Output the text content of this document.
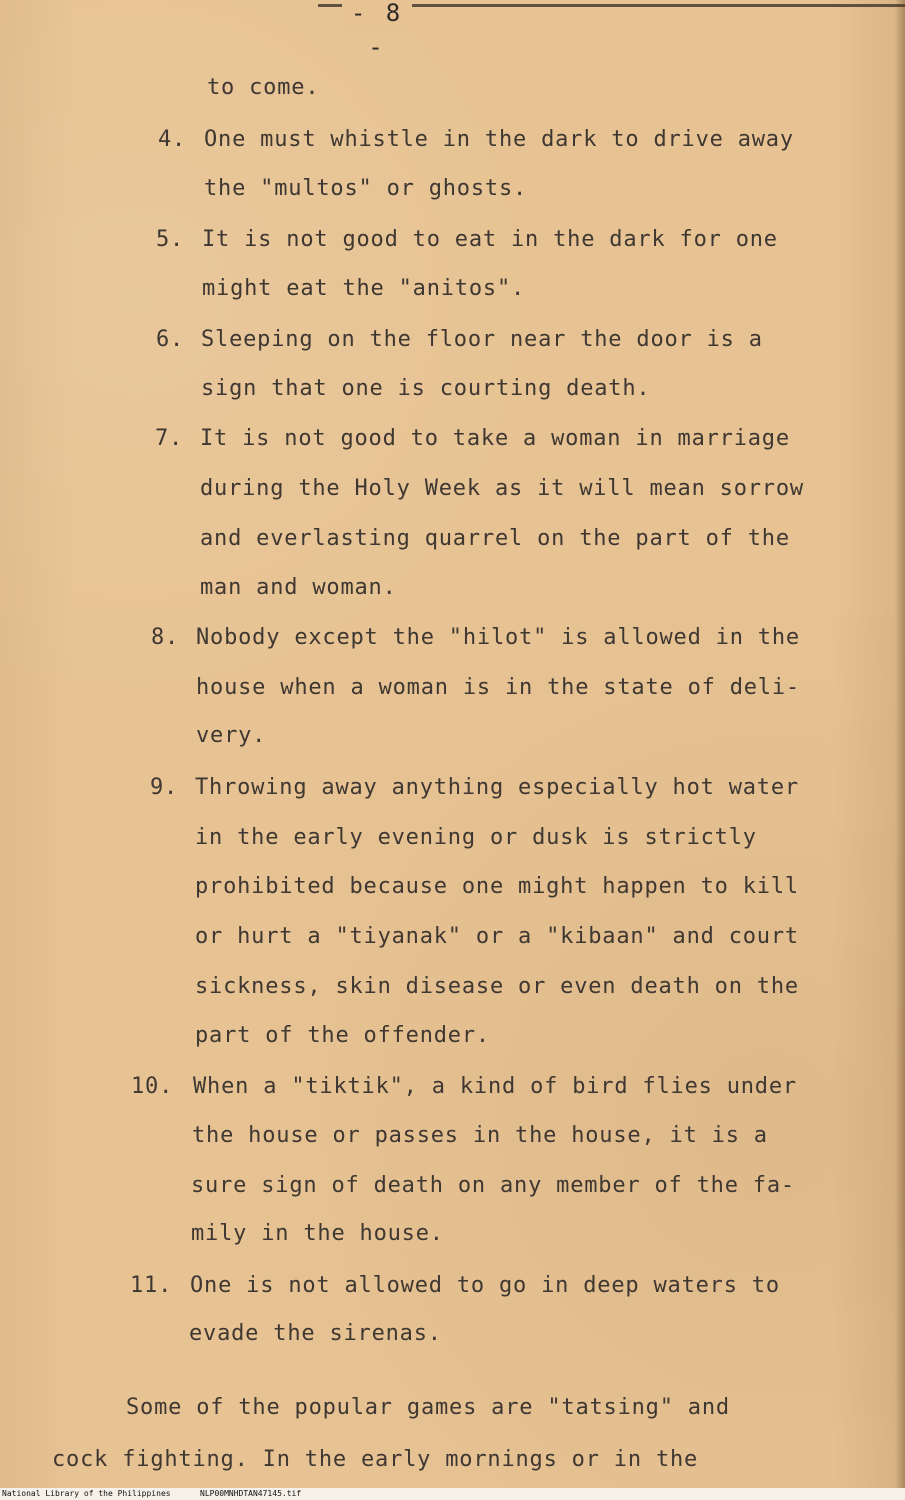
- 8 -
to come.
4. One must whistle in the dark to drive away
the "multos" or ghosts.
5. It is not good to eat in the dark for one
might eat the "anitos".
6. Sleeping on the floor near the door is a
sign that one is courting death.
7. It is not good to take a woman in marriage
during the Holy Week as it will mean sorrow
and everlasting quarrel on the part of the
man and woman.
8. Nobody except the "hilot" is allowed in the
house when a woman is in the state of deli-
very.
9. Throwing away anything especially hot water
in the early evening or dusk is strictly
prohibited because one might happen to kill
or hurt a "tiyanak" or a "kibaan" and court
sickness, skin disease or even death on the
part of the offender.
10. When a "tiktik", a kind of bird flies under
the house or passes in the house, it is a
sure sign of death on any member of the fa-
mily in the house.
11. One is not allowed to go in deep waters to
evade the sirenas.
Some of the popular games are "tatsing" and
cock fighting. In the early mornings or in the
National Library of the Philippines	NLP00MNHDTAN47145.tif
